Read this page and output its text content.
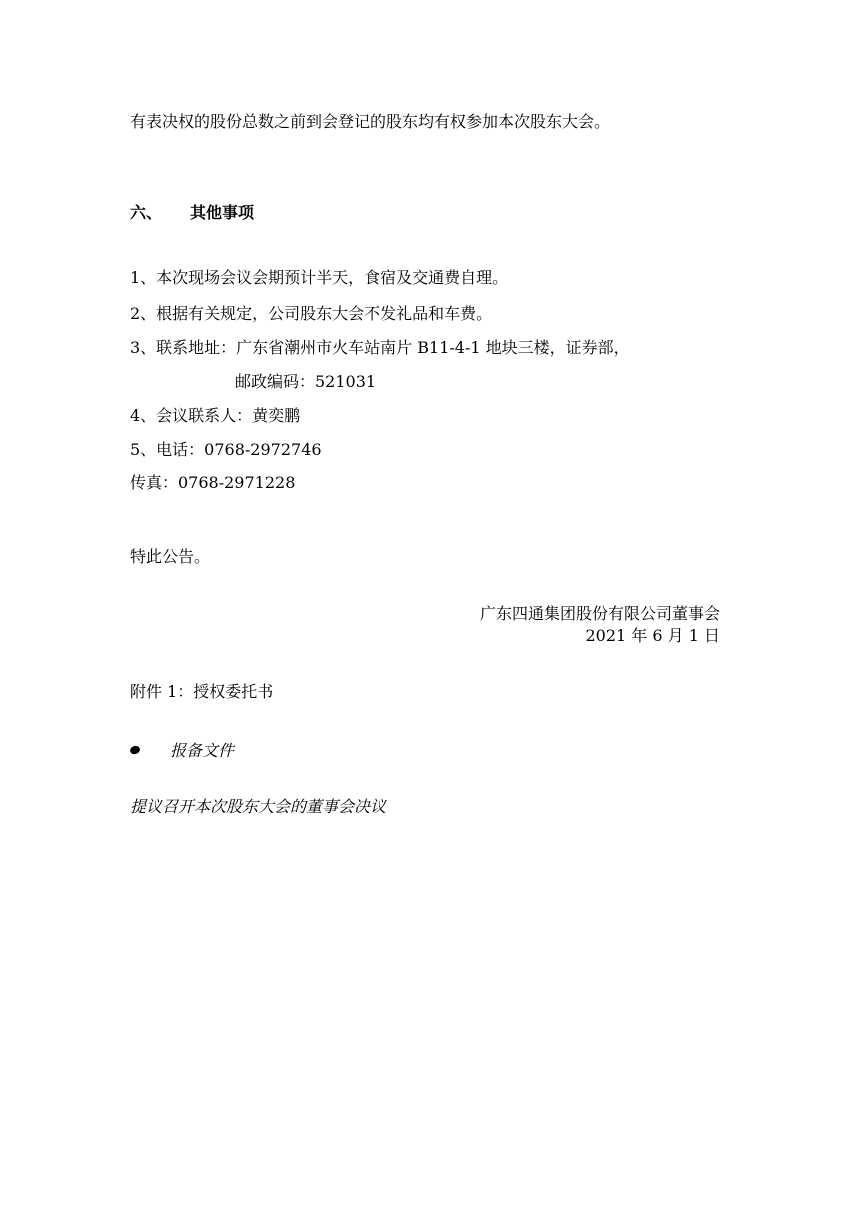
有表决权的股份总数之前到会登记的股东均有权参加本次股东大会。
六、 其他事项
1、本次现场会议会期预计半天，食宿及交通费自理。
2、根据有关规定，公司股东大会不发礼品和车费。
3、联系地址：广东省潮州市火车站南片 B11-4-1 地块三楼，证券部，
邮政编码：521031
4、会议联系人：黄奕鹏
5、电话：0768-2972746
传真：0768-2971228
特此公告。
广东四通集团股份有限公司董事会
2021 年 6 月 1 日
附件 1：授权委托书
报备文件
提议召开本次股东大会的董事会决议
